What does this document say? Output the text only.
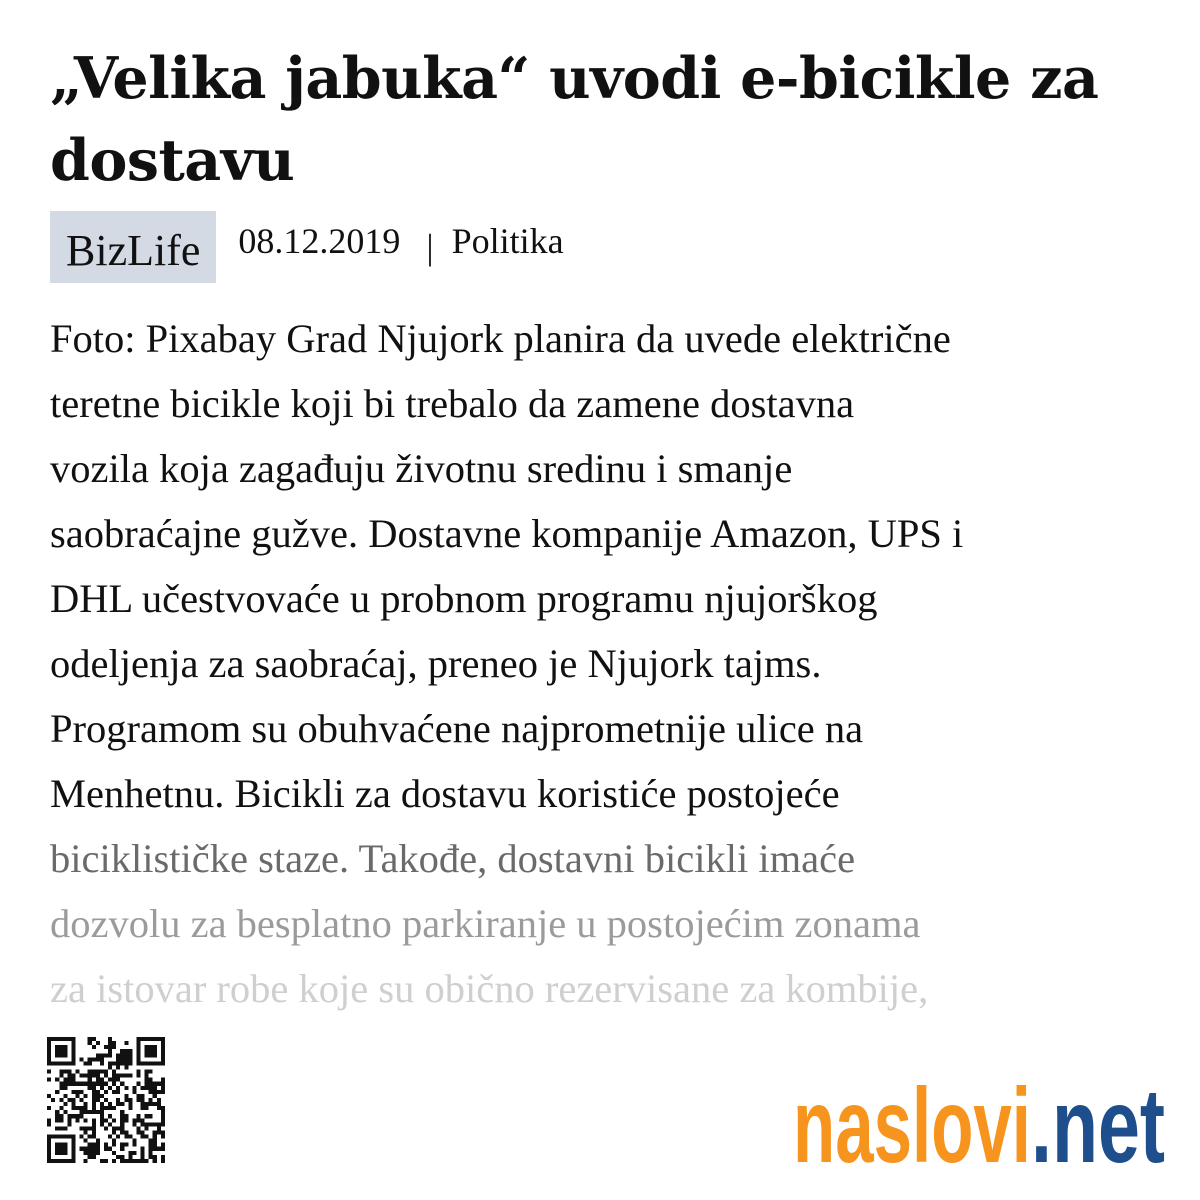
„Velika jabuka“ uvodi e-bicikle za dostavu
BizLife	08.12.2019 | Politika
Foto: Pixabay Grad Njujork planira da uvede električne
teretne bicikle koji bi trebalo da zamene dostavna
vozila koja zagađuju životnu sredinu i smanje
saobraćajne gužve. Dostavne kompanije Amazon, UPS i
DHL učestvovaće u probnom programu njujorškog
odeljenja za saobraćaj, preneo je Njujork tajms.
Programom su obuhvaćene najprometnije ulice na
Menhetnu. Bicikli za dostavu koristiće postojeće
biciklističke staze. Takođe, dostavni bicikli imaće
dozvolu za besplatno parkiranje u postojećim zonama
za istovar robe koje su obično rezervisane za kombije,
naslovi .net
